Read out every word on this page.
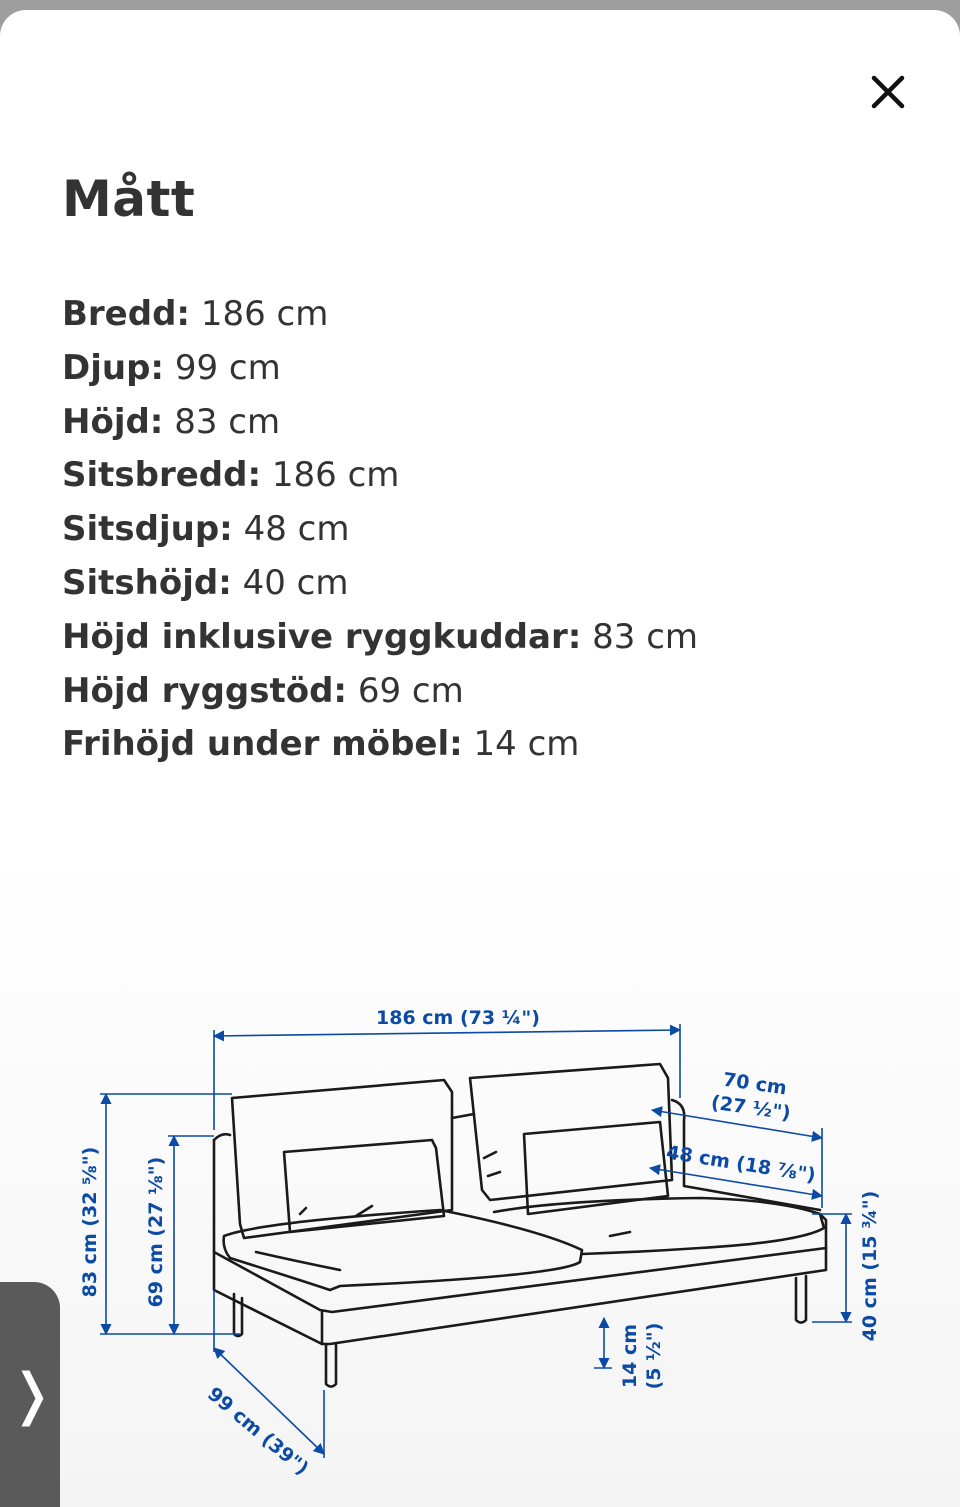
Mått
Bredd: 186 cm
Djup: 99 cm
Höjd: 83 cm
Sitsbredd: 186 cm
Sitsdjup: 48 cm
Sitshöjd: 40 cm
Höjd inklusive ryggkuddar: 83 cm
Höjd ryggstöd: 69 cm
Frihöjd under möbel: 14 cm
186 cm (73 ¼")
70 cm
(27 ½")
48 cm (18 ⅞")
83 cm (32 ⅝") 69 cm (27 ⅛")	40 cm (15 ¾")
14 cm (5 ½")
99 cm (39")
❭
